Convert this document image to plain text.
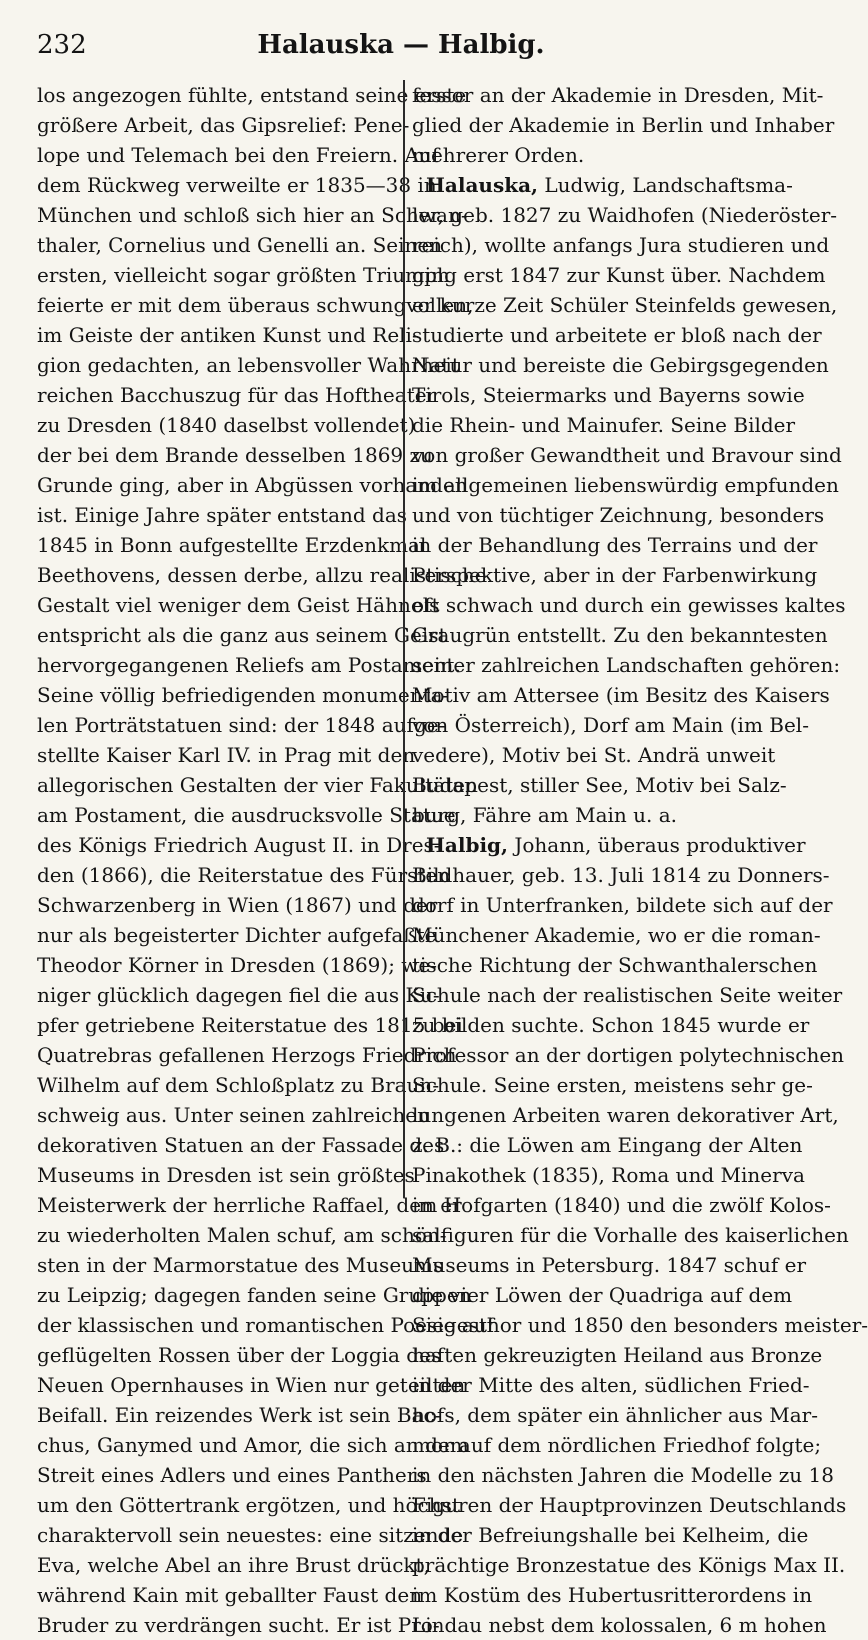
232	Halauska — Halbig.
los angezogen fühlte, entstand seine erste
größere Arbeit, das Gipsrelief: Pene-
lope und Telemach bei den Freiern. Auf
dem Rückweg verweilte er 1835—38 in
München und schloß sich hier an Schwan-
thaler, Cornelius und Genelli an. Seinen
ersten, vielleicht sogar größten Triumph
feierte er mit dem überaus schwungvollen,
im Geiste der antiken Kunst und Reli-
gion gedachten, an lebensvoller Wahrheit
reichen Bacchuszug für das Hoftheater
zu Dresden (1840 daselbst vollendet)
der bei dem Brande desselben 1869 zu
Grunde ging, aber in Abgüssen vorhanden
ist. Einige Jahre später entstand das
1845 in Bonn aufgestellte Erzdenkmal
Beethovens, dessen derbe, allzu realistische
Gestalt viel weniger dem Geist Hähnels
entspricht als die ganz aus seinem Geist
hervorgegangenen Reliefs am Postament.
Seine völlig befriedigenden monumenta-
len Porträtstatuen sind: der 1848 aufge-
stellte Kaiser Karl IV. in Prag mit den
allegorischen Gestalten der vier Fakultäten
am Postament, die ausdrucksvolle Statue
des Königs Friedrich August II. in Dres-
den (1866), die Reiterstatue des Fürsten
Schwarzenberg in Wien (1867) und der
nur als begeisterter Dichter aufgefaßte
Theodor Körner in Dresden (1869); we-
niger glücklich dagegen fiel die aus Ku-
pfer getriebene Reiterstatue des 1815 bei
Quatrebras gefallenen Herzogs Friedrich
Wilhelm auf dem Schloßplatz zu Braun-
schweig aus. Unter seinen zahlreichen
dekorativen Statuen an der Fassade des
Museums in Dresden ist sein größtes
Meisterwerk der herrliche Raffael, den er
zu wiederholten Malen schuf, am schön-
sten in der Marmorstatue des Museums
zu Leipzig; dagegen fanden seine Gruppen
der klassischen und romantischen Poesie auf
geflügelten Rossen über der Loggia des
Neuen Opernhauses in Wien nur geteilten
Beifall. Ein reizendes Werk ist sein Bac-
chus, Ganymed und Amor, die sich an dem
Streit eines Adlers und eines Panthers
um den Göttertrank ergötzen, und höchst
charaktervoll sein neuestes: eine sitzende
Eva, welche Abel an ihre Brust drückt,
während Kain mit geballter Faust den
Bruder zu verdrängen sucht. Er ist Pro-
fessor an der Akademie in Dresden, Mit-
glied der Akademie in Berlin und Inhaber
mehrerer Orden.
Halauska, Ludwig, Landschaftsma-
ler, geb. 1827 zu Waidhofen (Niederöster-
reich), wollte anfangs Jura studieren und
ging erst 1847 zur Kunst über. Nachdem
er kurze Zeit Schüler Steinfelds gewesen,
studierte und arbeitete er bloß nach der
Natur und bereiste die Gebirgsgegenden
Tirols, Steiermarks und Bayerns sowie
die Rhein- und Mainufer. Seine Bilder
von großer Gewandtheit und Bravour sind
im allgemeinen liebenswürdig empfunden
und von tüchtiger Zeichnung, besonders
in der Behandlung des Terrains und der
Perspektive, aber in der Farbenwirkung
oft schwach und durch ein gewisses kaltes
Graugrün entstellt. Zu den bekanntesten
seiner zahlreichen Landschaften gehören:
Motiv am Attersee (im Besitz des Kaisers
von Österreich), Dorf am Main (im Bel-
vedere), Motiv bei St. Andrä unweit
Budapest, stiller See, Motiv bei Salz-
burg, Fähre am Main u. a.
Halbig, Johann, überaus produktiver
Bildhauer, geb. 13. Juli 1814 zu Donners-
dorf in Unterfranken, bildete sich auf der
Münchener Akademie, wo er die roman-
tische Richtung der Schwanthalerschen
Schule nach der realistischen Seite weiter
zu bilden suchte. Schon 1845 wurde er
Professor an der dortigen polytechnischen
Schule. Seine ersten, meistens sehr ge-
lungenen Arbeiten waren dekorativer Art,
z. B.: die Löwen am Eingang der Alten
Pinakothek (1835), Roma und Minerva
im Hofgarten (1840) und die zwölf Kolos-
salfiguren für die Vorhalle des kaiserlichen
Museums in Petersburg. 1847 schuf er
die vier Löwen der Quadriga auf dem
Siegesthor und 1850 den besonders meister-
haften gekreuzigten Heiland aus Bronze
in der Mitte des alten, südlichen Fried-
hofs, dem später ein ähnlicher aus Mar-
mor auf dem nördlichen Friedhof folgte;
in den nächsten Jahren die Modelle zu 18
Figuren der Hauptprovinzen Deutschlands
in der Befreiungshalle bei Kelheim, die
prächtige Bronzestatue des Königs Max II.
im Kostüm des Hubertusritterordens in
Lindau nebst dem kolossalen, 6 m hohen
